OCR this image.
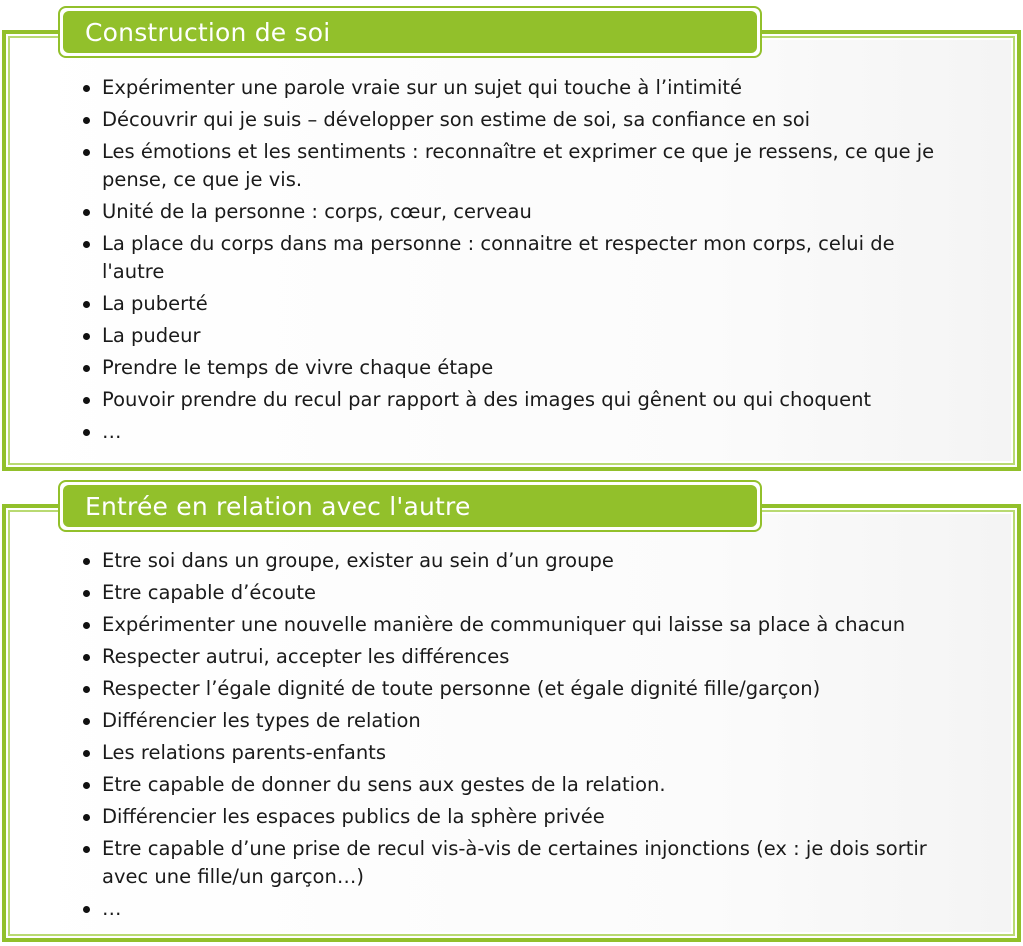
Construction de soi
Expérimenter une parole vraie sur un sujet qui touche à l’intimité
Découvrir qui je suis – développer son estime de soi, sa confiance en soi
Les émotions et les sentiments : reconnaître et exprimer ce que je ressens, ce que je pense, ce que je vis.
Unité de la personne : corps, cœur, cerveau
La place du corps dans ma personne : connaitre et respecter mon corps, celui de l'autre
La puberté
La pudeur
Prendre le temps de vivre chaque étape
Pouvoir prendre du recul par rapport à des images qui gênent ou qui choquent
…
Entrée en relation avec l'autre
Etre soi dans un groupe, exister au sein d’un groupe
Etre capable d’écoute
Expérimenter une nouvelle manière de communiquer qui laisse sa place à chacun
Respecter autrui, accepter les différences
Respecter l’égale dignité de toute personne (et égale dignité fille/garçon)
Différencier les types de relation
Les relations parents-enfants
Etre capable de donner du sens aux gestes de la relation.
Différencier les espaces publics de la sphère privée
Etre capable d’une prise de recul vis-à-vis de certaines injonctions (ex : je dois sortir avec une fille/un garçon…)
…
